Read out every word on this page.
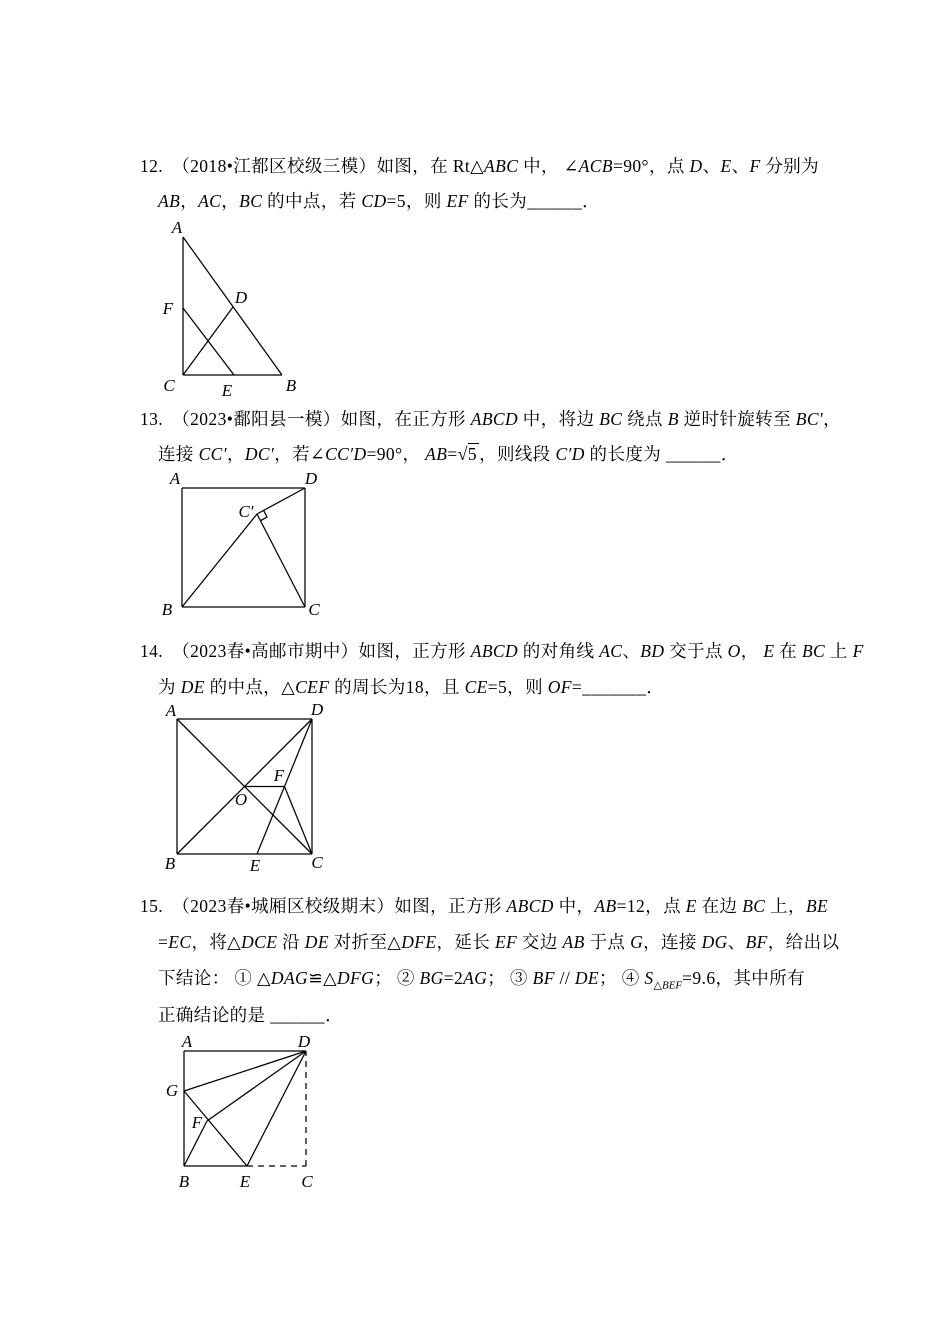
12.　（2018•江都区校级三模）如图，在 Rt△ABC 中， ∠ACB=90°，点 D、E、F 分别为
AB，AC，BC 的中点，若 CD=5，则 EF 的长为______．
A
F
D
C	E	B
13.　（2023•鄱阳县一模）如图，在正方形 ABCD 中，将边 BC 绕点 B 逆时针旋转至 BC′，
连接 CC′，DC′，若∠CC′D=90°， AB=√5 ，则线段 C′D 的长度为 ______．
A	D
B	C
C′
14.　（2023春•高邮市期中）如图，正方形 ABCD 的对角线 AC、BD 交于点 O， E 在 BC 上 F
为 DE 的中点，△CEF 的周长为18，且 CE=5，则 OF=_______．
A	D
B	C
O
F
E
15.　（2023春•城厢区校级期末）如图，正方形 ABCD 中，AB=12，点 E 在边 BC 上，BE
=EC，将△DCE 沿 DE 对折至△DFE，延长 EF 交边 AB 于点 G，连接 DG、BF，给出以
下结论： ① △DAG≌△DFG； ② BG=2AG； ③ BF // DE； ④ $S_{\triangle BEF}=9.6$，其中所有
正确结论的是 ______．
A	D
G
F
B	E	C
